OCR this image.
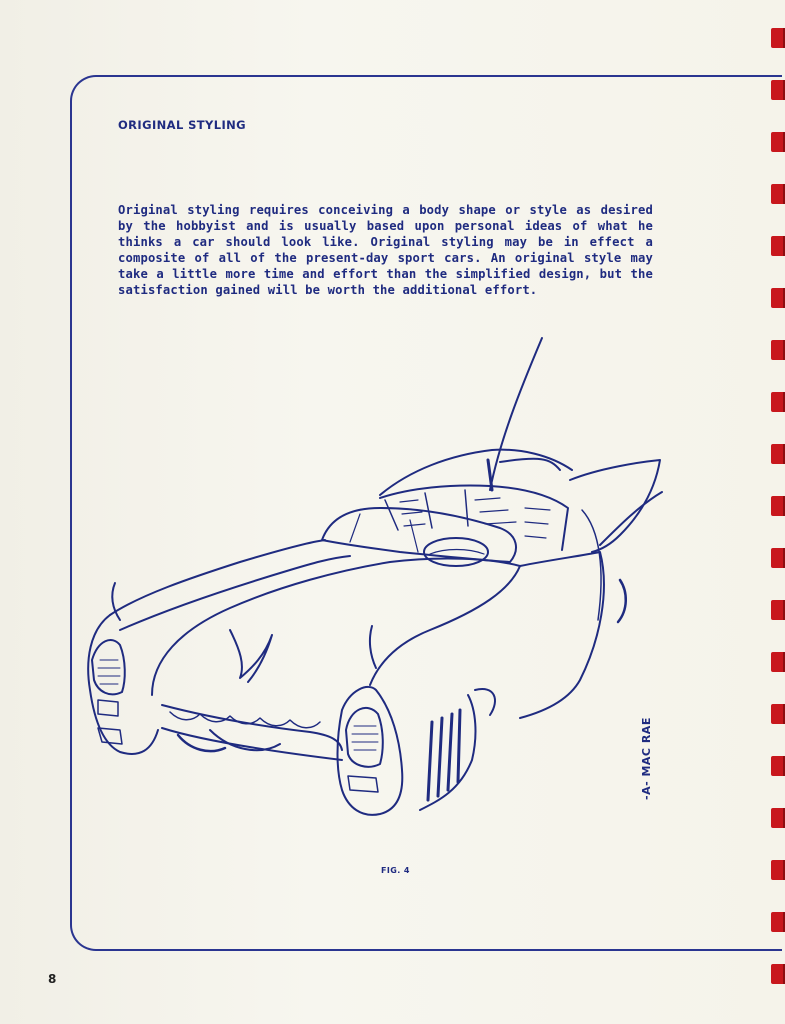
ORIGINAL STYLING
Original styling requires conceiving a body shape or style as desired by the hobbyist and is usually based upon personal ideas of what he thinks a car should look like. Original styling may be in effect a composite of all of the present-day sport cars. An original style may take a little more time and effort than the simplified design, but the satisfaction gained will be worth the additional effort.
-A- MAC RAE
FIG. 4
8
